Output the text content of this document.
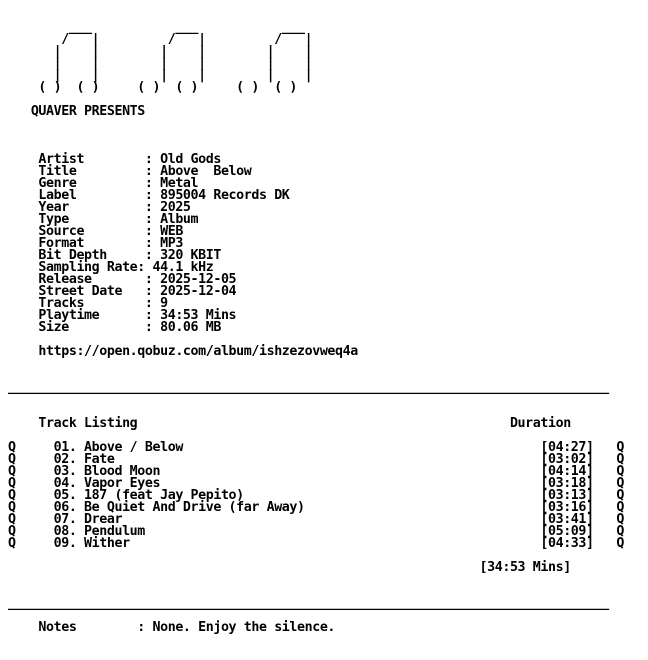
___           ___           ___
/   |         /   |         /   |
|    |        |    |        |    |
|    |        |    |        |    |
|    |        |    |        |    |
( )  ( )     ( )  ( )     ( )  ( )

QUAVER PRESENTS

Artist        : Old Gods
Title         : Above  Below
Genre         : Metal
Label         : 895004 Records DK
Year          : 2025
Type          : Album
Source        : WEB
Format        : MP3
Bit Depth     : 320 KBIT
Sampling Rate: 44.1 kHz
Release       : 2025-12-05
Street Date   : 2025-12-04
Tracks        : 9
Playtime      : 34:53 Mins
Size          : 80.06 MB

https://open.qobuz.com/album/ishzezovweq4a

_______________________________________________________________________________

Track Listing                                                 Duration

Q     01. Above / Below                                               [04:27]   Q
Q     02. Fate                                                        [03:02]   Q
Q     03. Blood Moon                                                  [04:14]   Q
Q     04. Vapor Eyes                                                  [03:18]   Q
Q     05. 187 (feat Jay Pepito)                                       [03:13]   Q
Q     06. Be Quiet And Drive (far Away)                               [03:16]   Q
Q     07. Drear                                                       [03:41]   Q
Q     08. Pendulum                                                    [05:09]   Q
Q     09. Wither                                                      [04:33]   Q

[34:53 Mins]

_______________________________________________________________________________

Notes        : None. Enjoy the silence.
